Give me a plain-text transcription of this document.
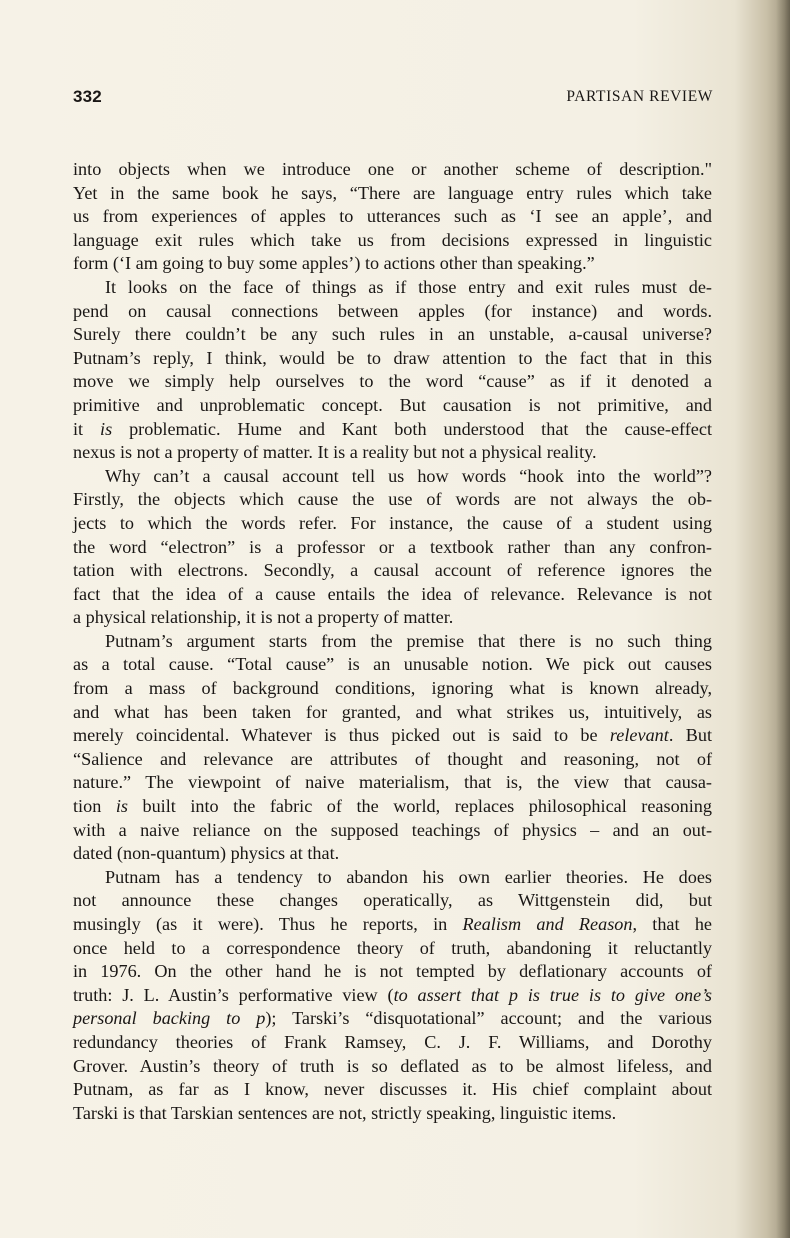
332	PARTISAN REVIEW
into objects when we introduce one or another scheme of description."
Yet in the same book he says, “There are language entry rules which take
us from experiences of apples to utterances such as ‘I see an apple’, and
language exit rules which take us from decisions expressed in linguistic
form (‘I am going to buy some apples’) to actions other than speaking.”
It looks on the face of things as if those entry and exit rules must de-
pend on causal connections between apples (for instance) and words.
Surely there couldn’t be any such rules in an unstable, a-causal universe?
Putnam’s reply, I think, would be to draw attention to the fact that in this
move we simply help ourselves to the word “cause” as if it denoted a
primitive and unproblematic concept. But causation is not primitive, and
it is problematic. Hume and Kant both understood that the cause-effect
nexus is not a property of matter. It is a reality but not a physical reality.
Why can’t a causal account tell us how words “hook into the world”?
Firstly, the objects which cause the use of words are not always the ob-
jects to which the words refer. For instance, the cause of a student using
the word “electron” is a professor or a textbook rather than any confron-
tation with electrons. Secondly, a causal account of reference ignores the
fact that the idea of a cause entails the idea of relevance. Relevance is not
a physical relationship, it is not a property of matter.
Putnam’s argument starts from the premise that there is no such thing
as a total cause. “Total cause” is an unusable notion. We pick out causes
from a mass of background conditions, ignoring what is known already,
and what has been taken for granted, and what strikes us, intuitively, as
merely coincidental. Whatever is thus picked out is said to be relevant. But
“Salience and relevance are attributes of thought and reasoning, not of
nature.” The viewpoint of naive materialism, that is, the view that causa-
tion is built into the fabric of the world, replaces philosophical reasoning
with a naive reliance on the supposed teachings of physics – and an out-
dated (non-quantum) physics at that.
Putnam has a tendency to abandon his own earlier theories. He does
not announce these changes operatically, as Wittgenstein did, but
musingly (as it were). Thus he reports, in Realism and Reason, that he
once held to a correspondence theory of truth, abandoning it reluctantly
in 1976. On the other hand he is not tempted by deflationary accounts of
truth: J. L. Austin’s performative view (to assert that p is true is to give one’s
personal backing to p); Tarski’s “disquotational” account; and the various
redundancy theories of Frank Ramsey, C. J. F. Williams, and Dorothy
Grover. Austin’s theory of truth is so deflated as to be almost lifeless, and
Putnam, as far as I know, never discusses it. His chief complaint about
Tarski is that Tarskian sentences are not, strictly speaking, linguistic items.
